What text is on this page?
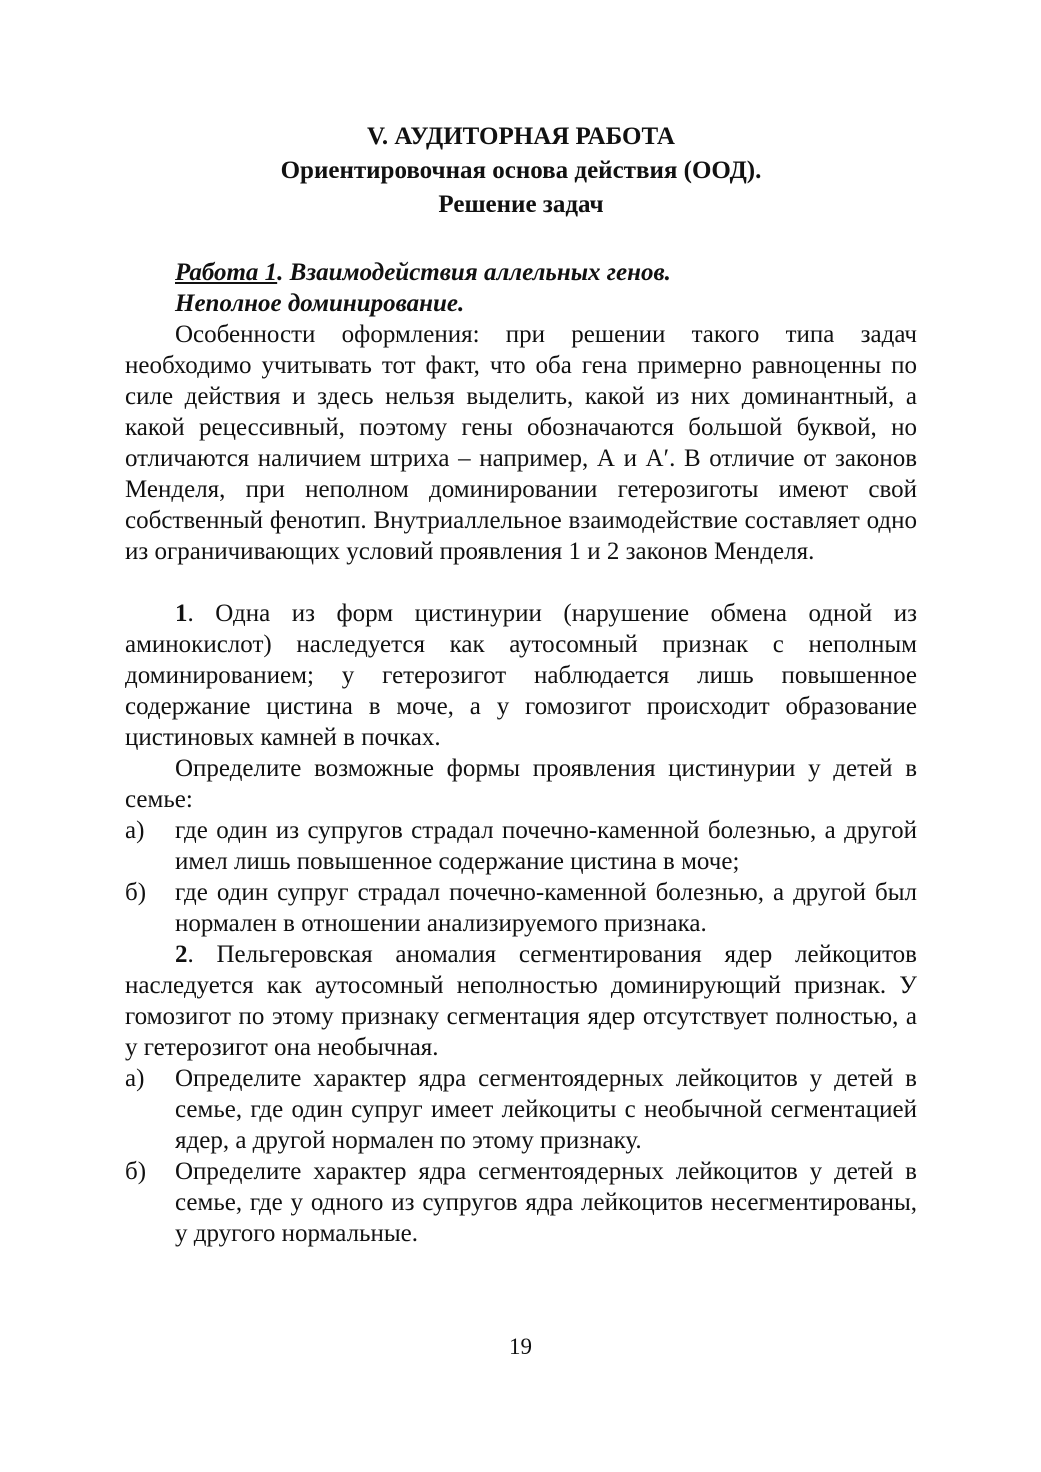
V. АУДИТОРНАЯ РАБОТА

Ориентировочная основа действия (ООД).

Решение задач

Работа 1. Взаимодействия аллельных генов.

Неполное доминирование.

Особенности оформления: при решении такого типа задач необходимо учитывать тот факт, что оба гена примерно равноценны по силе действия и здесь нельзя выделить, какой из них доминантный, а какой рецессивный, поэтому гены обозначаются большой буквой, но отличаются наличием штриха – например, А и А′. В отличие от законов Менделя, при неполном доминировании гетерозиготы имеют свой собственный фенотип. Внутриаллельное взаимодействие составляет одно из ограничивающих условий проявления 1 и 2 законов Менделя.

1. Одна из форм цистинурии (нарушение обмена одной из аминокислот) наследуется как аутосомный признак с неполным доминированием; у гетерозигот наблюдается лишь повышенное содержание цистина в моче, а у гомозигот происходит образование цистиновых камней в почках.

Определите возможные формы проявления цистинурии у детей в семье:

а) где один из супругов страдал почечно-каменной болезнью, а другой имел лишь повышенное содержание цистина в моче;
б) где один супруг страдал почечно-каменной болезнью, а другой был нормален в отношении анализируемого признака.

2. Пельгеровская аномалия сегментирования ядер лейкоцитов наследуется как аутосомный неполностью доминирующий признак. У гомозигот по этому признаку сегментация ядер отсутствует полностью, а у гетерозигот она необычная.

а) Определите характер ядра сегментоядерных лейкоцитов у детей в семье, где один супруг имеет лейкоциты с необычной сегментацией ядер, а другой нормален по этому признаку.
б) Определите характер ядра сегментоядерных лейкоцитов у детей в семье, где у одного из супругов ядра лейкоцитов несегментированы, у другого нормальные.
19
